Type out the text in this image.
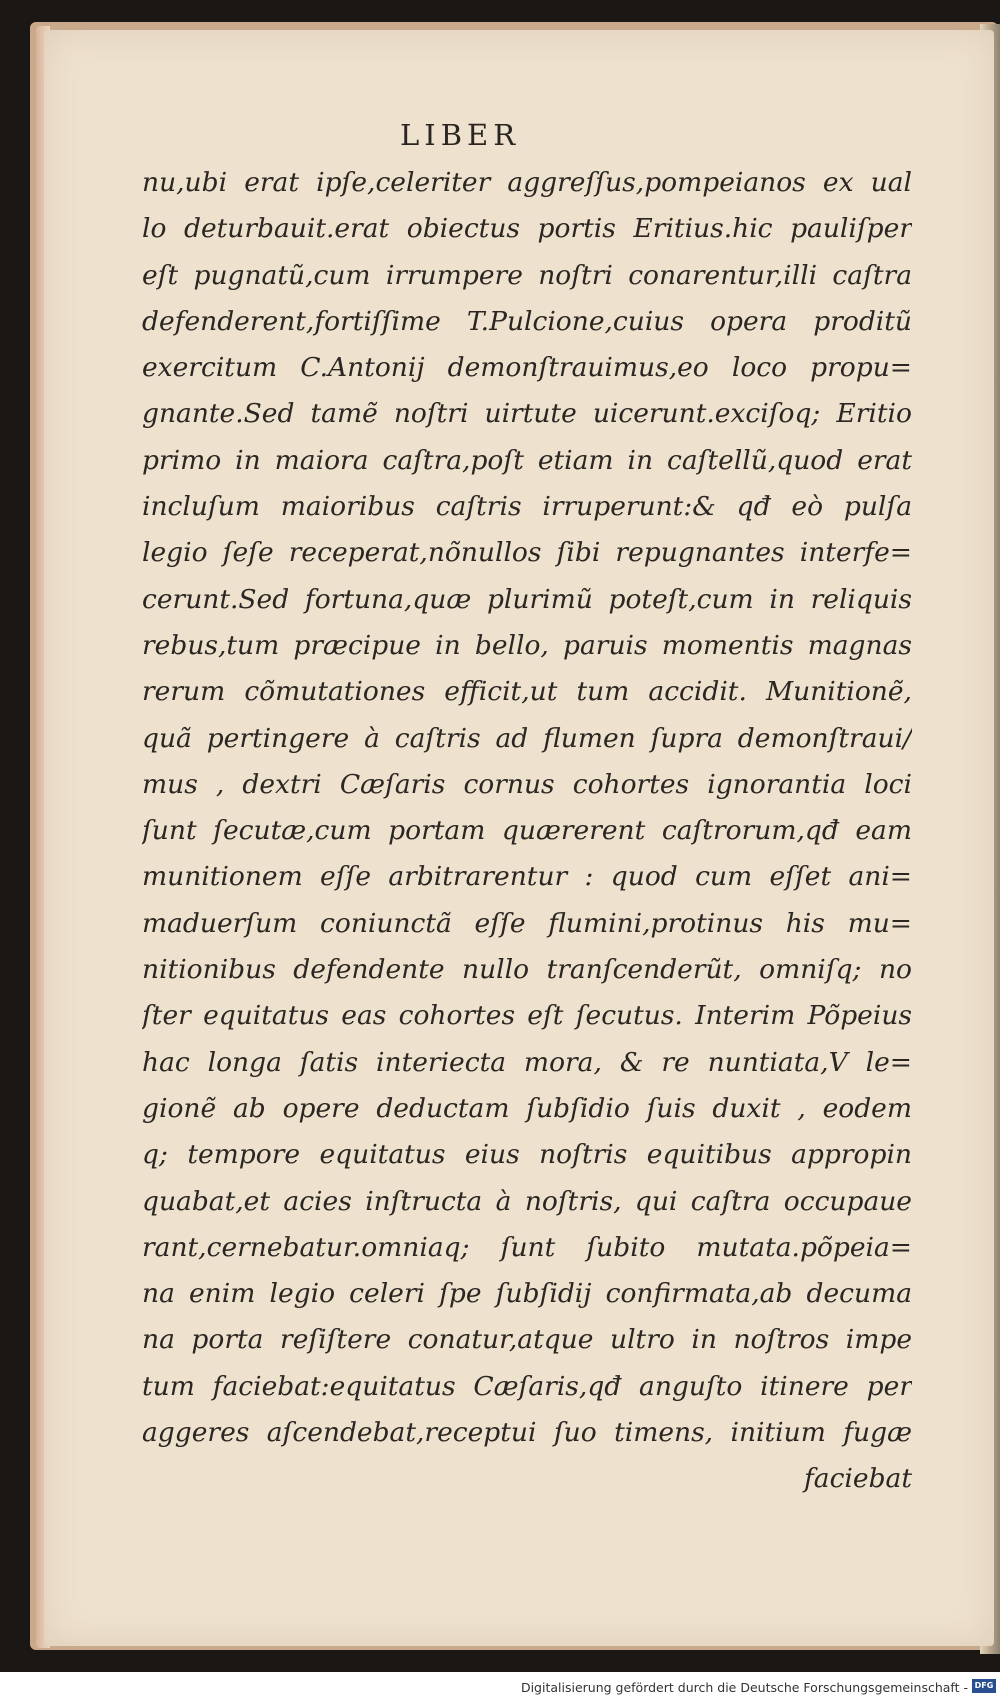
LIBER
nu,ubi erat ipſe,celeriter aggreſſus,pompeianos ex ual
lo deturbauit.erat obiectus portis Eritius.hic pauliſper
eſt pugnatũ,cum irrumpere noſtri conarentur,illi caſtra
defenderent,fortiſſime T.Pulcione,cuius opera proditũ
exercitum C.Antonij demonſtrauimus,eo loco propu=
gnante.Sed tamẽ noſtri uirtute uicerunt.exciſoq; Eritio
primo in maiora caſtra,poſt etiam in caſtellũ,quod erat
incluſum maioribus caſtris irruperunt:& qđ eò pulſa
legio ſeſe receperat,nõnullos ſibi repugnantes interfe=
cerunt.Sed fortuna,quæ plurimũ poteſt,cum in reliquis
rebus,tum præcipue in bello, paruis momentis magnas
rerum cõmutationes efficit,ut tum accidit. Munitionẽ,
quã pertingere à caſtris ad flumen ſupra demonſtraui/
mus , dextri Cæſaris cornus cohortes ignorantia loci
ſunt ſecutæ,cum portam quærerent caſtrorum,qđ eam
munitionem eſſe arbitrarentur : quod cum eſſet ani=
maduerſum coniunctã eſſe flumini,protinus his mu=
nitionibus defendente nullo tranſcenderũt, omniſq; no
ſter equitatus eas cohortes eſt ſecutus. Interim Põpeius
hac longa ſatis interiecta mora, & re nuntiata,V le=
gionẽ ab opere deductam ſubſidio ſuis duxit , eodem
q; tempore equitatus eius noſtris equitibus appropin
quabat,et acies inſtructa à noſtris, qui caſtra occupaue
rant,cernebatur.omniaq; ſunt ſubito mutata.põpeia=
na enim legio celeri ſpe ſubſidij confirmata,ab decuma
na porta reſiſtere conatur,atque ultro in noſtros impe
tum faciebat:equitatus Cæſaris,qđ anguſto itinere per
aggeres aſcendebat,receptui ſuo timens, initium fugæ
faciebat
Digitalisierung gefördert durch die Deutsche Forschungsgemeinschaft - DFG
